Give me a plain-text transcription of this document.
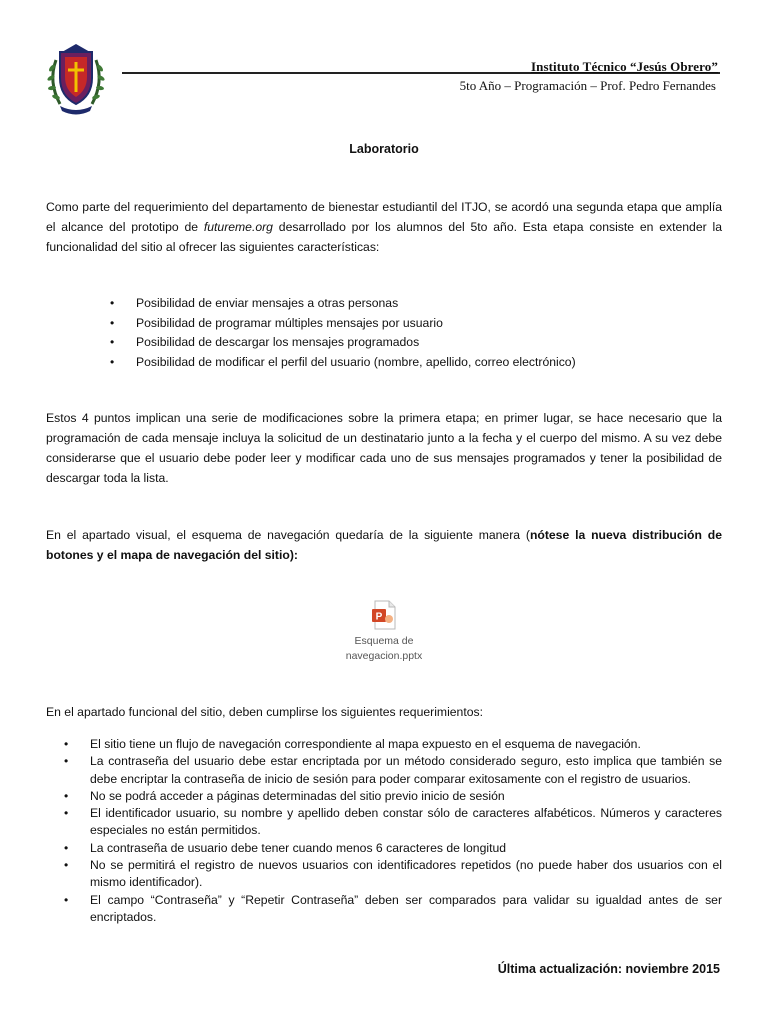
Instituto Técnico “Jesús Obrero”
5to Año – Programación – Prof. Pedro Fernandes
Laboratorio
Como parte del requerimiento del departamento de bienestar estudiantil del ITJO, se acordó una segunda etapa que amplía el alcance del prototipo de futureme.org desarrollado por los alumnos del 5to año. Esta etapa consiste en extender la funcionalidad del sitio al ofrecer las siguientes características:
• Posibilidad de enviar mensajes a otras personas
• Posibilidad de programar múltiples mensajes por usuario
• Posibilidad de descargar los mensajes programados
• Posibilidad de modificar el perfil del usuario (nombre, apellido, correo electrónico)
Estos 4 puntos implican una serie de modificaciones sobre la primera etapa; en primer lugar, se hace necesario que la programación de cada mensaje incluya la solicitud de un destinatario junto a la fecha y el cuerpo del mismo. A su vez debe considerarse que el usuario debe poder leer y modificar cada uno de sus mensajes programados y tener la posibilidad de descargar toda la lista.
En el apartado visual, el esquema de navegación quedaría de la siguiente manera (nótese la nueva distribución de botones y el mapa de navegación del sitio):
P
Esquema de
navegacion.pptx
En el apartado funcional del sitio, deben cumplirse los siguientes requerimientos:
• El sitio tiene un flujo de navegación correspondiente al mapa expuesto en el esquema de navegación.
• La contraseña del usuario debe estar encriptada por un método considerado seguro, esto implica que también se debe encriptar la contraseña de inicio de sesión para poder comparar exitosamente con el registro de usuarios.
• No se podrá acceder a páginas determinadas del sitio previo inicio de sesión
• El identificador usuario, su nombre y apellido deben constar sólo de caracteres alfabéticos. Números y caracteres especiales no están permitidos.
• La contraseña de usuario debe tener cuando menos 6 caracteres de longitud
• No se permitirá el registro de nuevos usuarios con identificadores repetidos (no puede haber dos usuarios con el mismo identificador).
• El campo “Contraseña” y “Repetir Contraseña” deben ser comparados para validar su igualdad antes de ser encriptados.
Última actualización: noviembre 2015
